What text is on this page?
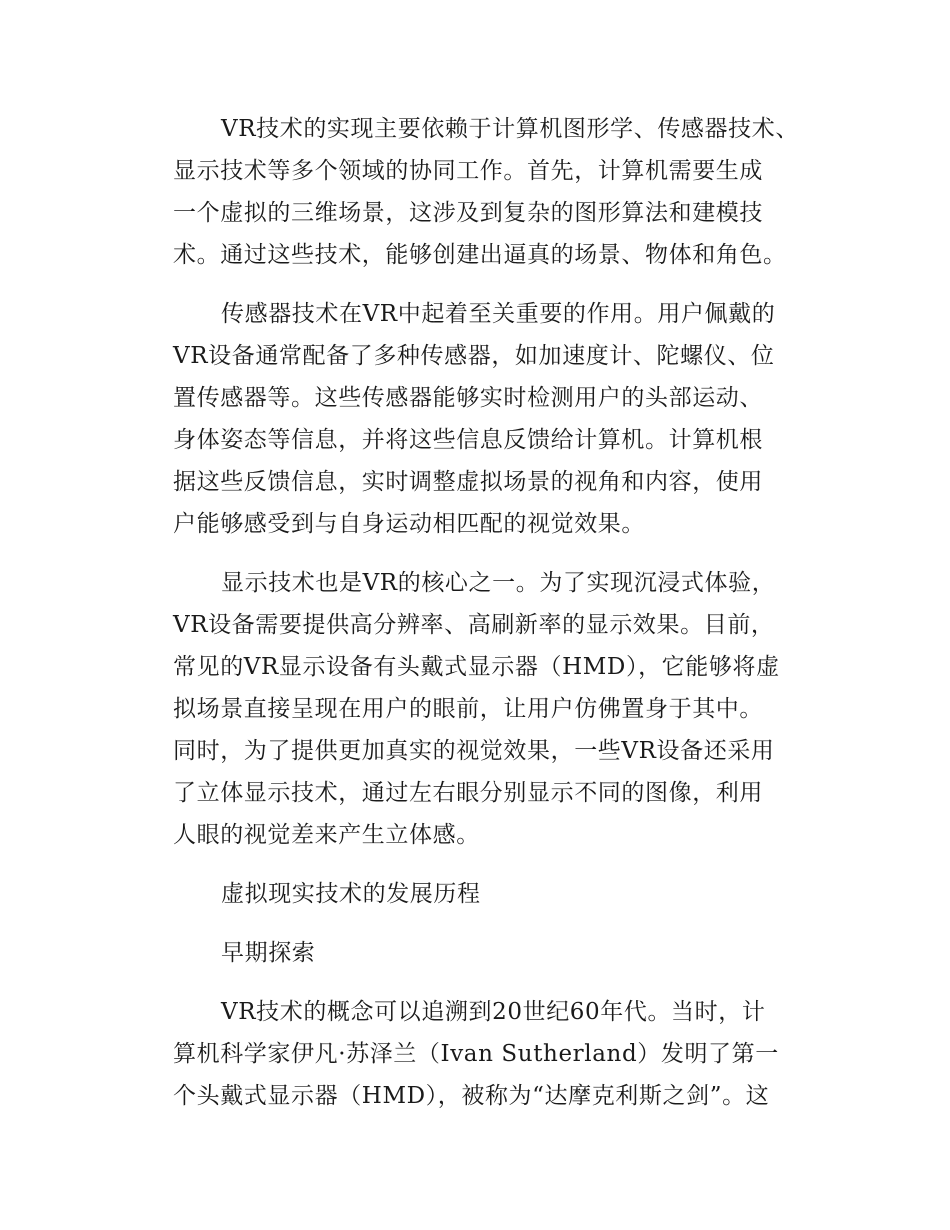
VR技术的实现主要依赖于计算机图形学、传感器技术、
显示技术等多个领域的协同工作。首先，计算机需要生成
一个虚拟的三维场景，这涉及到复杂的图形算法和建模技
术。通过这些技术，能够创建出逼真的场景、物体和角色。

传感器技术在VR中起着至关重要的作用。用户佩戴的
VR设备通常配备了多种传感器，如加速度计、陀螺仪、位
置传感器等。这些传感器能够实时检测用户的头部运动、
身体姿态等信息，并将这些信息反馈给计算机。计算机根
据这些反馈信息，实时调整虚拟场景的视角和内容，使用
户能够感受到与自身运动相匹配的视觉效果。

显示技术也是VR的核心之一。为了实现沉浸式体验，
VR设备需要提供高分辨率、高刷新率的显示效果。目前，
常见的VR显示设备有头戴式显示器（HMD），它能够将虚
拟场景直接呈现在用户的眼前，让用户仿佛置身于其中。
同时，为了提供更加真实的视觉效果，一些VR设备还采用
了立体显示技术，通过左右眼分别显示不同的图像，利用
人眼的视觉差来产生立体感。

虚拟现实技术的发展历程

早期探索

VR技术的概念可以追溯到20世纪60年代。当时，计
算机科学家伊凡·苏泽兰（Ivan Sutherland）发明了第一
个头戴式显示器（HMD），被称为“达摩克利斯之剑”。这
